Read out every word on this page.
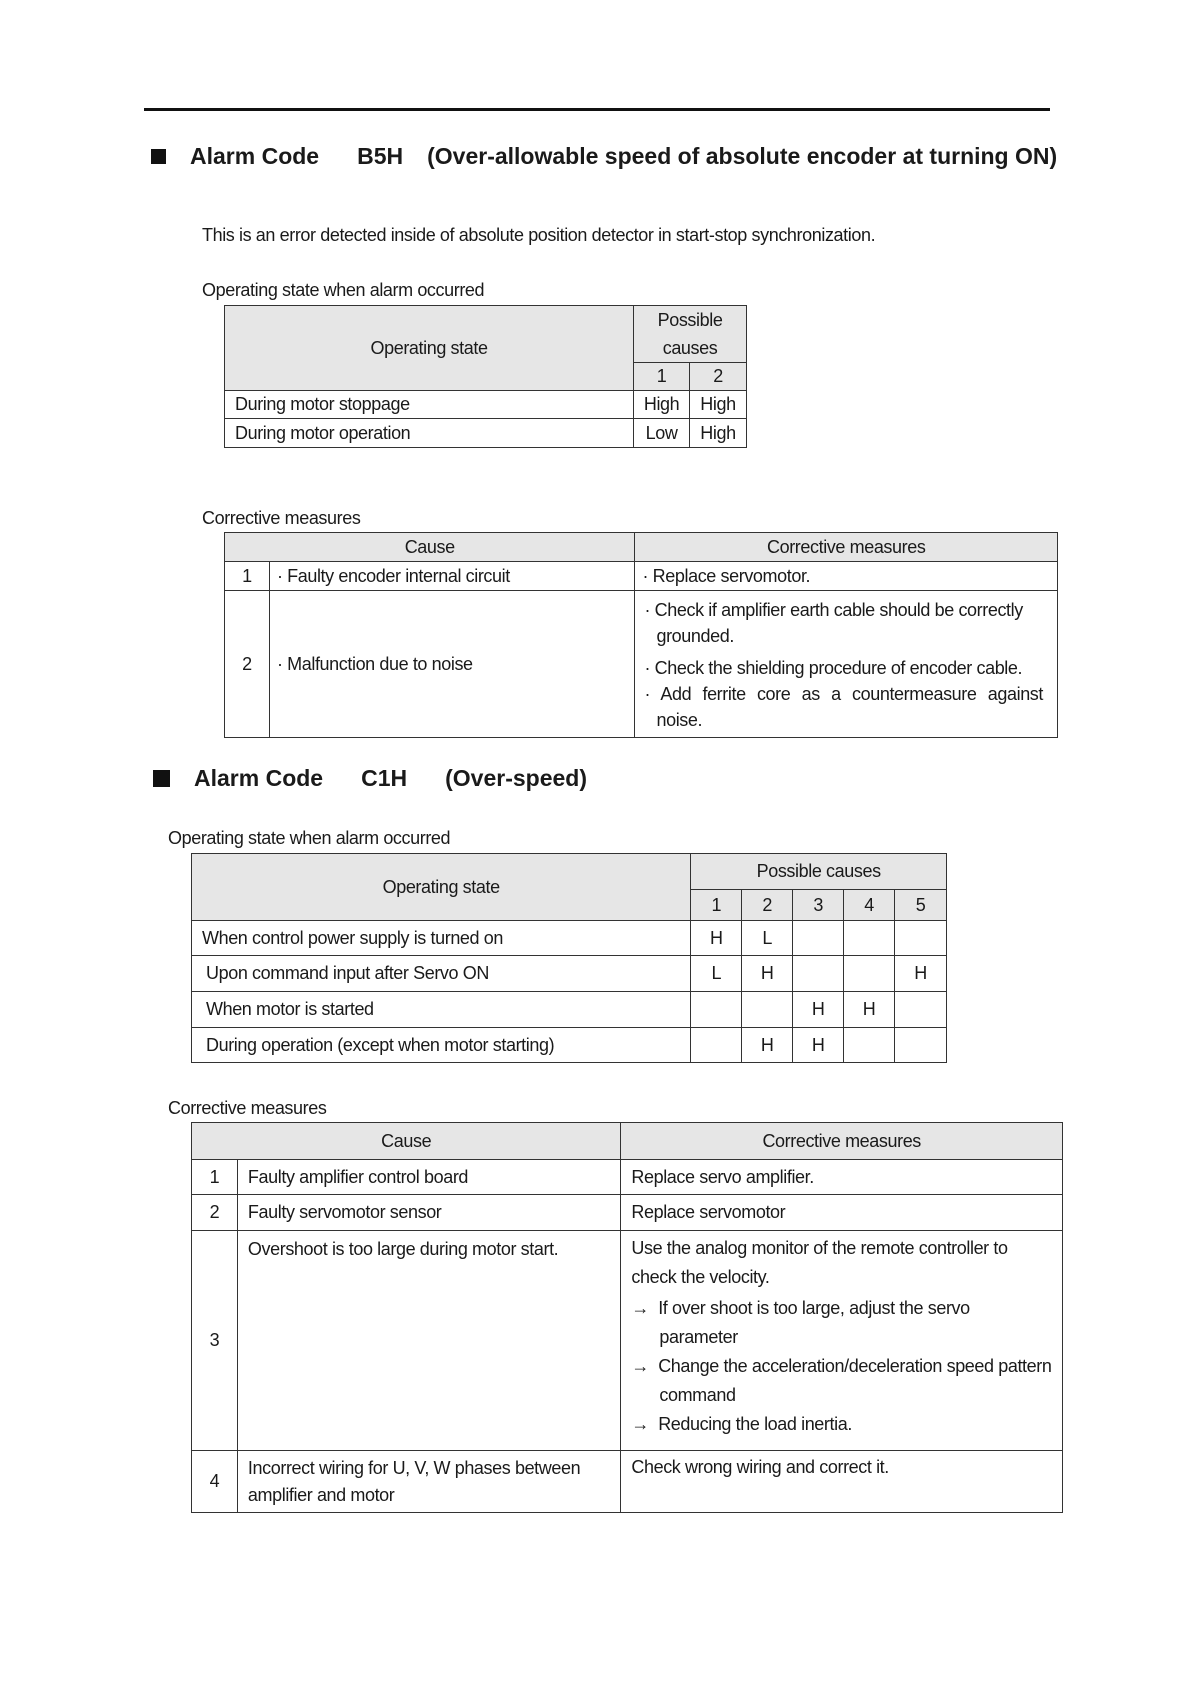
Alarm Code B5H (Over-allowable speed of absolute encoder at turning ON)
This is an error detected inside of absolute position detector in start-stop synchronization.
Operating state when alarm occurred
Operating state	Possible
causes	
	1	2
During motor stoppage	High	High
During motor operation	Low	High
Corrective measures
Cause		Corrective measures
1	· Faulty encoder internal circuit	· Replace servomotor.
2	· Malfunction due to noise	· Check if amplifier earth cable should be correctly grounded.
· Check the shielding procedure of encoder cable.
· Add ferrite core as a countermeasure against noise.
Alarm Code C1H (Over-speed)
Operating state when alarm occurred
Operating state	Possible causes				
	1	2	3	4	5
When control power supply is turned on	H	L			
Upon command input after Servo ON	L	H			H
When motor is started			H	H	
During operation (except when motor starting)		H	H		
Corrective measures
Cause		Corrective measures
1	Faulty amplifier control board	Replace servo amplifier.
2	Faulty servomotor sensor	Replace servomotor
3	Overshoot is too large during motor start.	Use the analog monitor of the remote controller to check the velocity.
→  If over shoot is too large, adjust the servo parameter
→  Change the acceleration/deceleration speed pattern command
→  Reducing the load inertia.

4	Incorrect wiring for U, V, W phases between amplifier and motor	Check wrong wiring and correct it.
